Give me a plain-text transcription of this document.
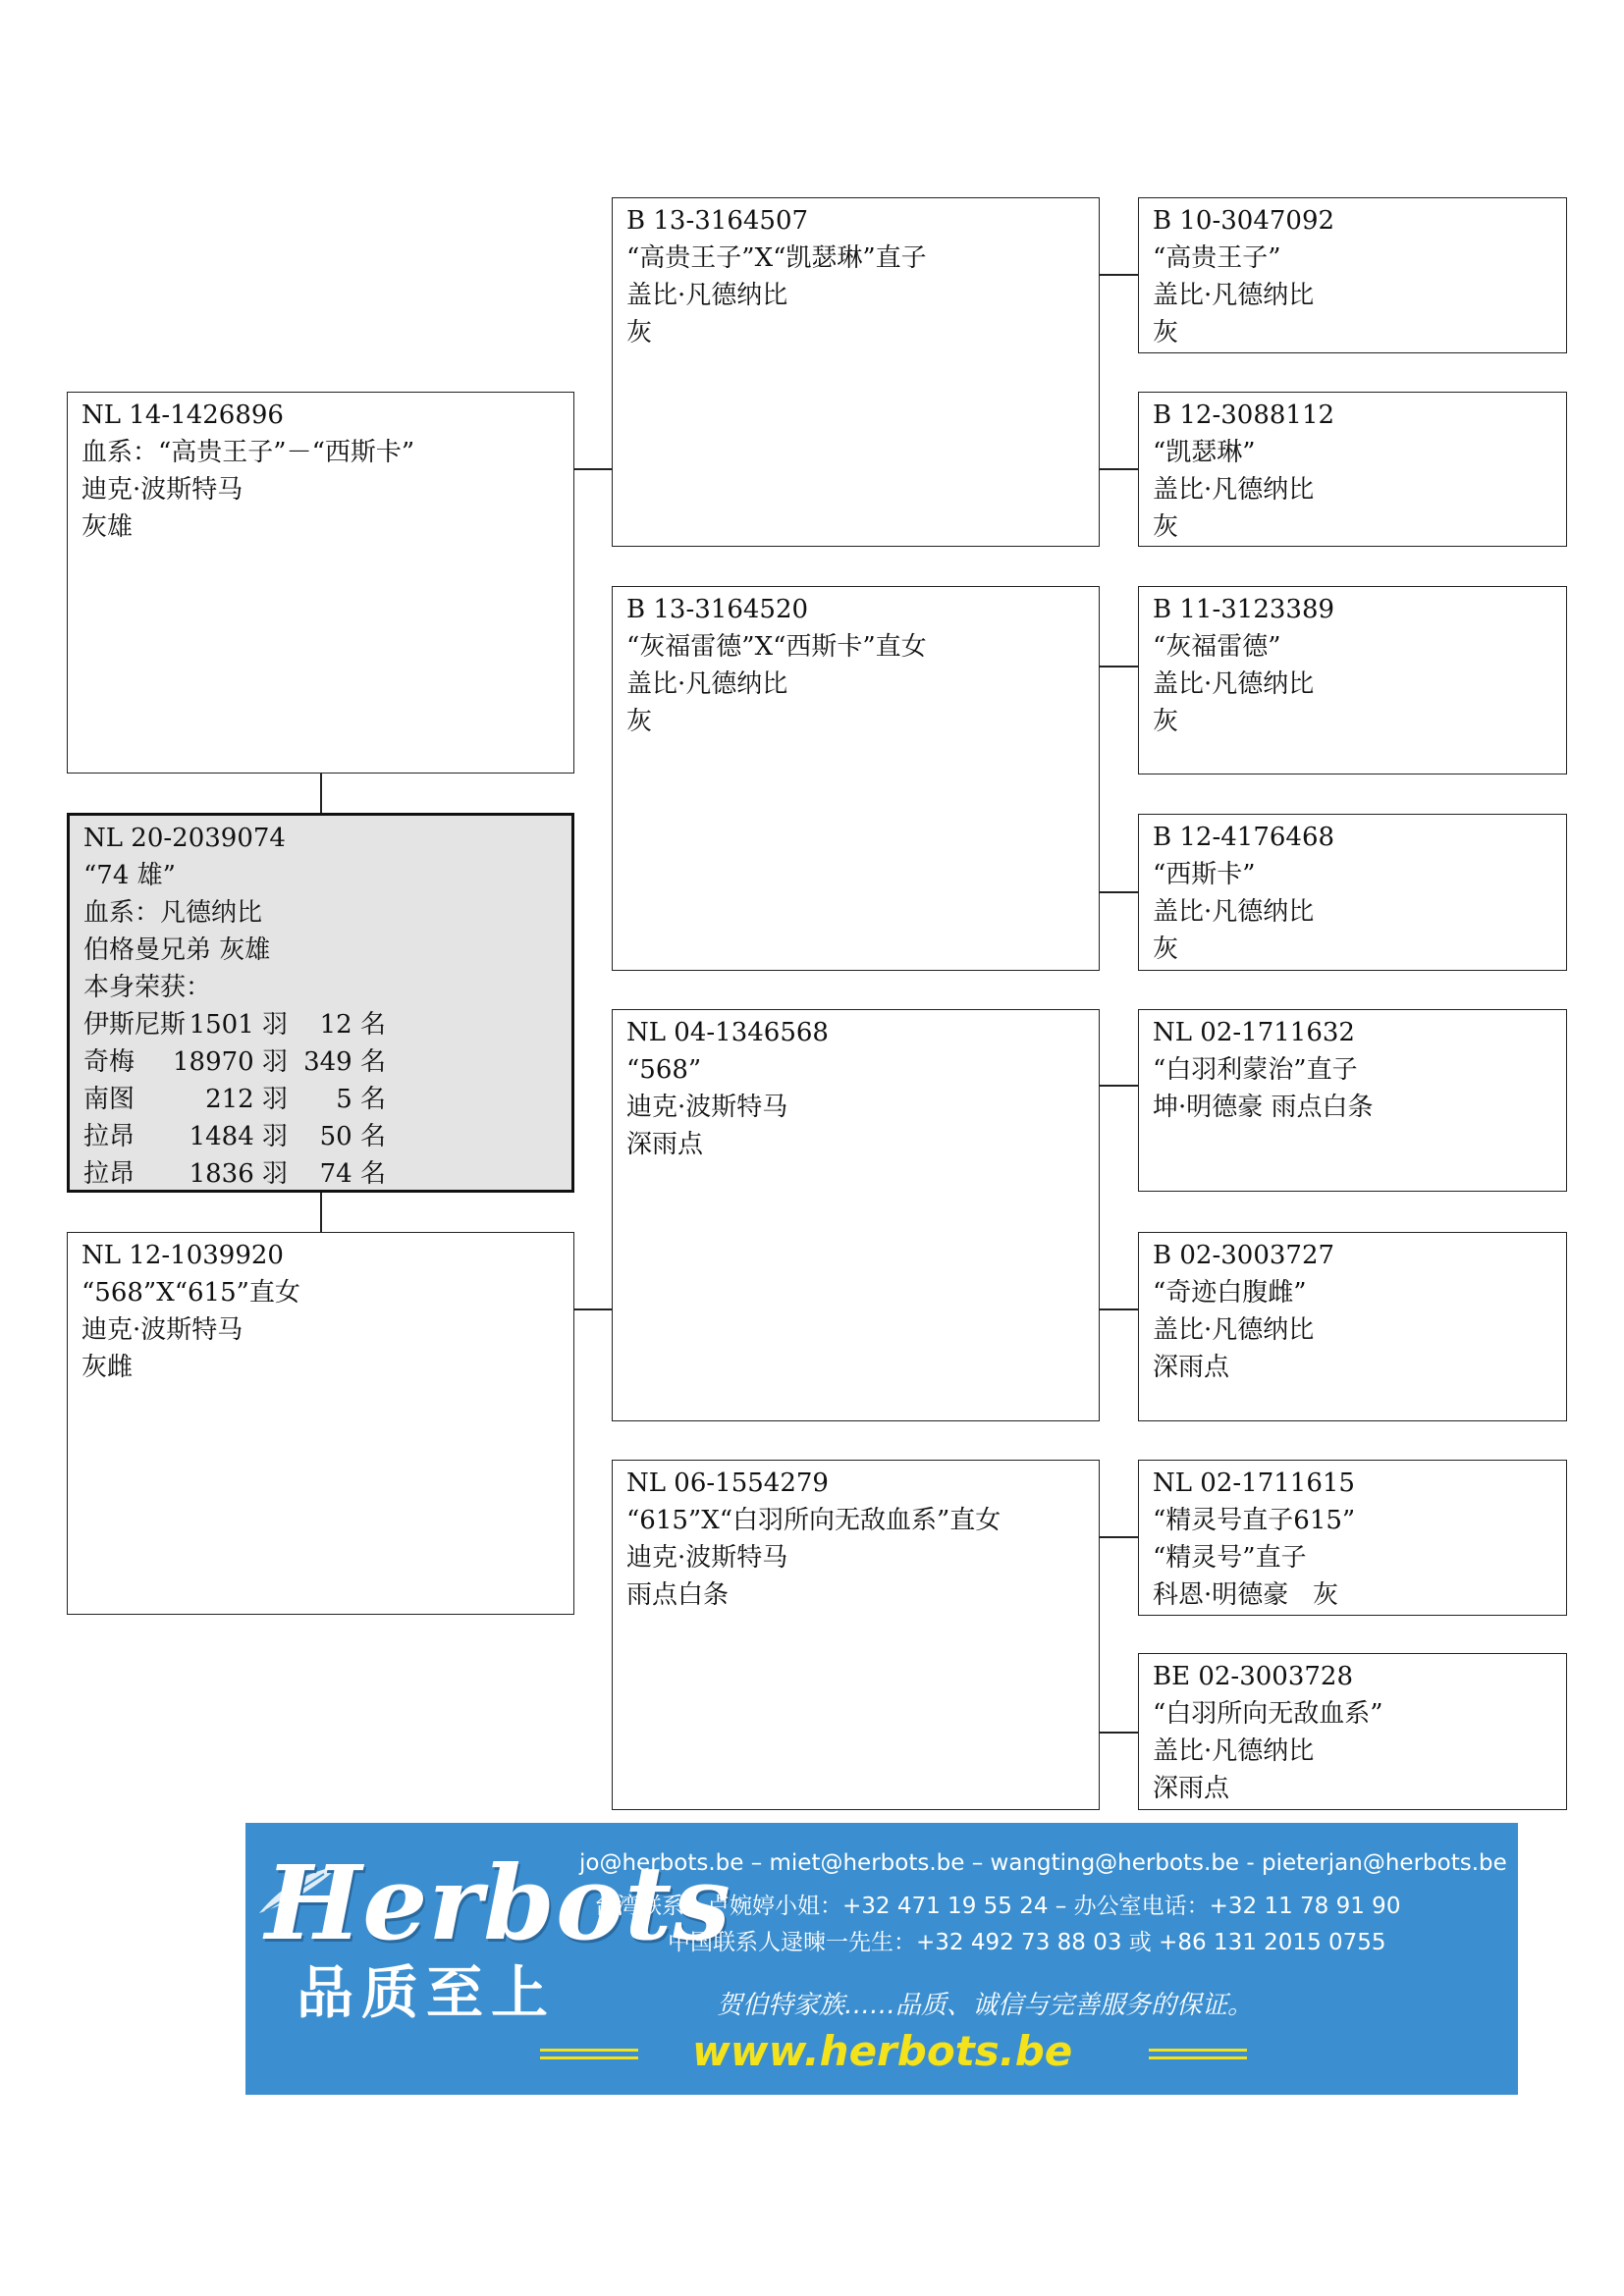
NL 14-1426896
血系：“高贵王子”－“西斯卡”
迪克·波斯特马
灰雄
NL 20-2039074
“74 雄”
血系：凡德纳比
伯格曼兄弟 灰雄
本身荣获：
伊斯尼斯 1501 羽	12 名
奇梅	18970 羽 349 名
南图	212 羽	5 名
拉昂	1484 羽	50 名
拉昂	1836 羽	74 名
NL 12-1039920
“568”X“615”直女
迪克·波斯特马
灰雌
B 13-3164507
“高贵王子”X“凯瑟琳”直子
盖比·凡德纳比
灰
B 13-3164520
“灰福雷德”X“西斯卡”直女
盖比·凡德纳比
灰
NL 04-1346568
“568”
迪克·波斯特马
深雨点
NL 06-1554279
“615”X“白羽所向无敌血系”直女
迪克·波斯特马
雨点白条
B 10-3047092
“高贵王子”
盖比·凡德纳比
灰
B 12-3088112
“凯瑟琳”
盖比·凡德纳比
灰
B 11-3123389
“灰福雷德”
盖比·凡德纳比
灰
B 12-4176468
“西斯卡”
盖比·凡德纳比
灰
NL 02-1711632
“白羽利蒙治”直子
坤·明德豪 雨点白条
B 02-3003727
“奇迹白腹雌”
盖比·凡德纳比
深雨点
NL 02-1711615
“精灵号直子615”
“精灵号”直子
科恩·明德豪   灰
BE 02-3003728
“白羽所向无敌血系”
盖比·凡德纳比
深雨点
Herbots
品质至上
jo@herbots.be – miet@herbots.be – wangting@herbots.be - pieterjan@herbots.be
台湾联系人卢婉婷小姐：+32 471 19 55 24 – 办公室电话：+32 11 78 91 90
中国联系人逯暕一先生：+32 492 73 88 03 或 +86 131 2015 0755
贺伯特家族……品质、诚信与完善服务的保证。
www.herbots.be
